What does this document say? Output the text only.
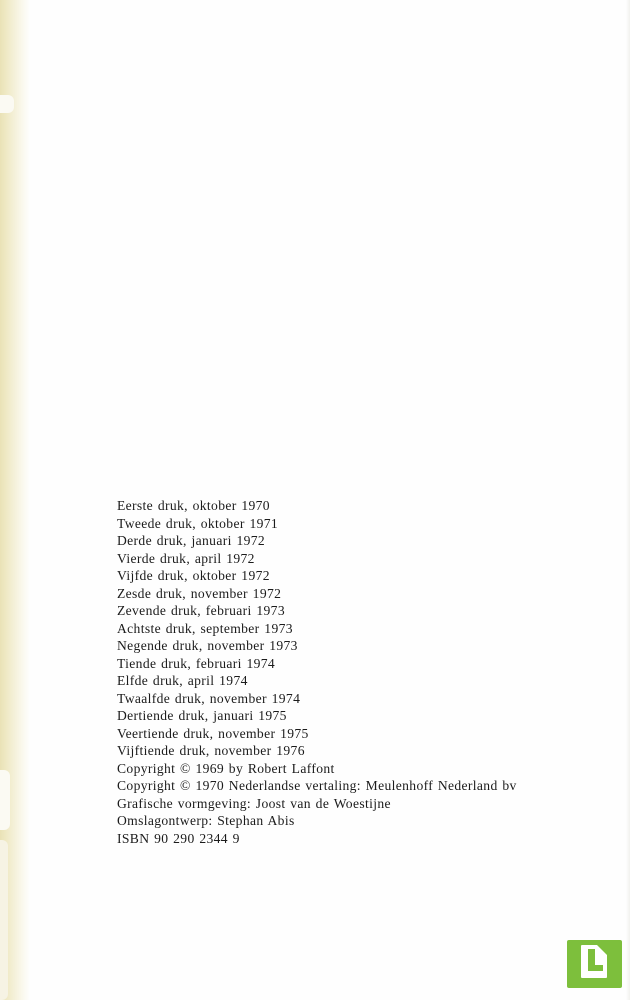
Eerste druk, oktober 1970
Tweede druk, oktober 1971
Derde druk, januari 1972
Vierde druk, april 1972
Vijfde druk, oktober 1972
Zesde druk, november 1972
Zevende druk, februari 1973
Achtste druk, september 1973
Negende druk, november 1973
Tiende druk, februari 1974
Elfde druk, april 1974
Twaalfde druk, november 1974
Dertiende druk, januari 1975
Veertiende druk, november 1975
Vijftiende druk, november 1976
Copyright © 1969 by Robert Laffont
Copyright © 1970 Nederlandse vertaling: Meulenhoff Nederland bv
Grafische vormgeving: Joost van de Woestijne
Omslagontwerp: Stephan Abis
ISBN 90 290 2344 9
